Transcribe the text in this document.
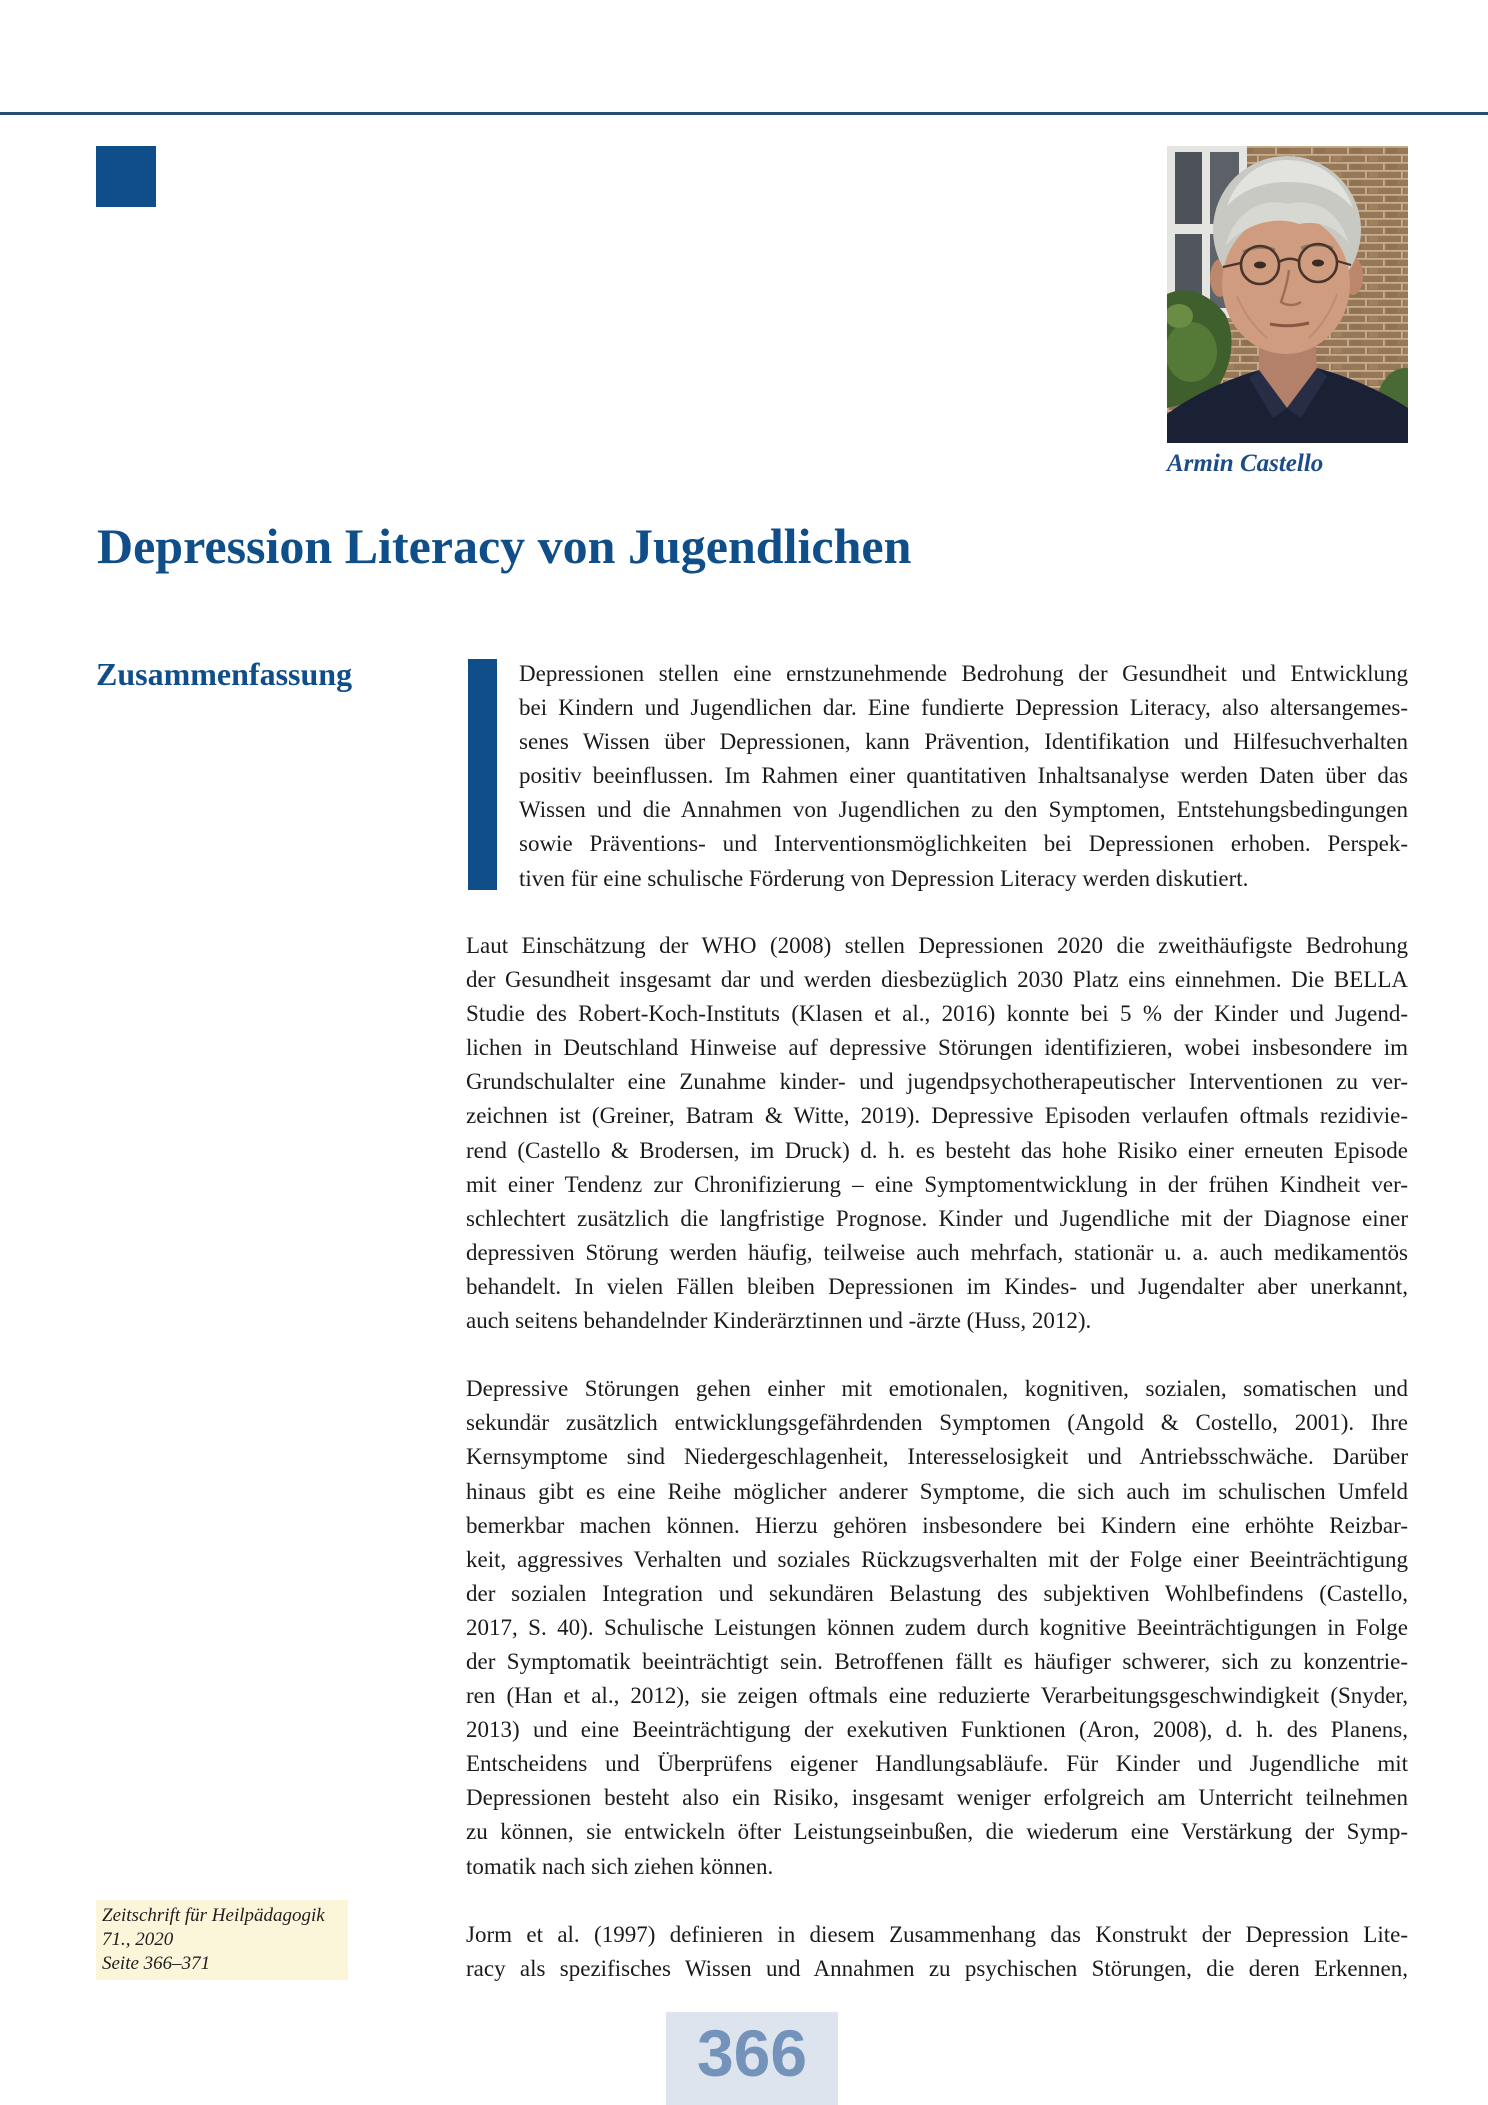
Armin Castello

Depression Literacy von Jugendlichen
Zusammenfassung	Depressionen stellen eine ernstzunehmende Bedrohung der Gesundheit und Entwicklung
bei Kindern und Jugendlichen dar. Eine fundierte Depression Literacy, also altersangemes-
senes Wissen über Depressionen, kann Prävention, Identifikation und Hilfesuchverhalten
positiv beeinflussen. Im Rahmen einer quantitativen Inhaltsanalyse werden Daten über das
Wissen und die Annahmen von Jugendlichen zu den Symptomen, Entstehungsbedingungen
sowie Präventions- und Interventionsmöglichkeiten bei Depressionen erhoben. Perspek-
tiven für eine schulische Förderung von Depression Literacy werden diskutiert.
Laut Einschätzung der WHO (2008) stellen Depressionen 2020 die zweithäufigste Bedrohung
der Gesundheit insgesamt dar und werden diesbezüglich 2030 Platz eins einnehmen. Die BELLA
Studie des Robert-Koch-Instituts (Klasen et al., 2016) konnte bei 5 % der Kinder und Jugend-
lichen in Deutschland Hinweise auf depressive Störungen identifizieren, wobei insbesondere im
Grundschulalter eine Zunahme kinder- und jugendpsychotherapeutischer Interventionen zu ver-
zeichnen ist (Greiner, Batram & Witte, 2019). Depressive Episoden verlaufen oftmals rezidivie-
rend (Castello & Brodersen, im Druck) d. h. es besteht das hohe Risiko einer erneuten Episode
mit einer Tendenz zur Chronifizierung – eine Symptomentwicklung in der frühen Kindheit ver-
schlechtert zusätzlich die langfristige Prognose. Kinder und Jugendliche mit der Diagnose einer
depressiven Störung werden häufig, teilweise auch mehrfach, stationär u. a. auch medikamentös
behandelt. In vielen Fällen bleiben Depressionen im Kindes- und Jugendalter aber unerkannt,
auch seitens behandelnder Kinderärztinnen und -ärzte (Huss, 2012).
Depressive Störungen gehen einher mit emotionalen, kognitiven, sozialen, somatischen und
sekundär zusätzlich entwicklungsgefährdenden Symptomen (Angold & Costello, 2001). Ihre
Kernsymptome sind Niedergeschlagenheit, Interesselosigkeit und Antriebsschwäche. Darüber
hinaus gibt es eine Reihe möglicher anderer Symptome, die sich auch im schulischen Umfeld
bemerkbar machen können. Hierzu gehören insbesondere bei Kindern eine erhöhte Reizbar-
keit, aggressives Verhalten und soziales Rückzugsverhalten mit der Folge einer Beeinträchtigung
der sozialen Integration und sekundären Belastung des subjektiven Wohlbefindens (Castello,
2017, S. 40). Schulische Leistungen können zudem durch kognitive Beeinträchtigungen in Folge
der Symptomatik beeinträchtigt sein. Betroffenen fällt es häufiger schwerer, sich zu konzentrie-
ren (Han et al., 2012), sie zeigen oftmals eine reduzierte Verarbeitungsgeschwindigkeit (Snyder,
2013) und eine Beeinträchtigung der exekutiven Funktionen (Aron, 2008), d. h. des Planens,
Entscheidens und Überprüfens eigener Handlungsabläufe. Für Kinder und Jugendliche mit
Depressionen besteht also ein Risiko, insgesamt weniger erfolgreich am Unterricht teilnehmen
zu können, sie entwickeln öfter Leistungseinbußen, die wiederum eine Verstärkung der Symp-
tomatik nach sich ziehen können.
Jorm et al. (1997) definieren in diesem Zusammenhang das Konstrukt der Depression Lite-
racy als spezifisches Wissen und Annahmen zu psychischen Störungen, die deren Erkennen,
Zeitschrift für Heilpädagogik
71., 2020
Seite 366–371
366
